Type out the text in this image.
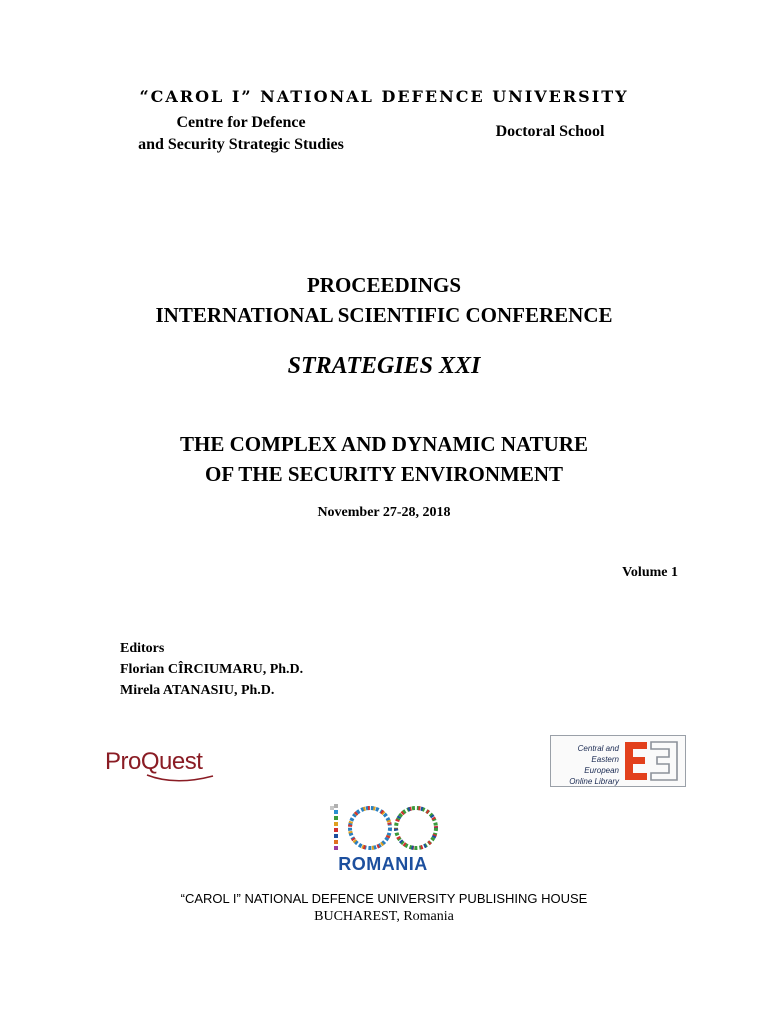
“CAROL I” NATIONAL DEFENCE UNIVERSITY
Centre for Defence
and Security Strategic Studies
Doctoral School
PROCEEDINGS
INTERNATIONAL SCIENTIFIC CONFERENCE
STRATEGIES XXI
THE COMPLEX AND DYNAMIC NATURE
OF THE SECURITY ENVIRONMENT
November 27-28, 2018
Volume 1
Editors
Florian CÎRCIUMARU, Ph.D.
Mirela ATANASIU, Ph.D.
ProQuest	Central and
Eastern European
Online Library
100
ROMANIA
“CAROL I” NATIONAL DEFENCE UNIVERSITY PUBLISHING HOUSE
BUCHAREST, Romania
